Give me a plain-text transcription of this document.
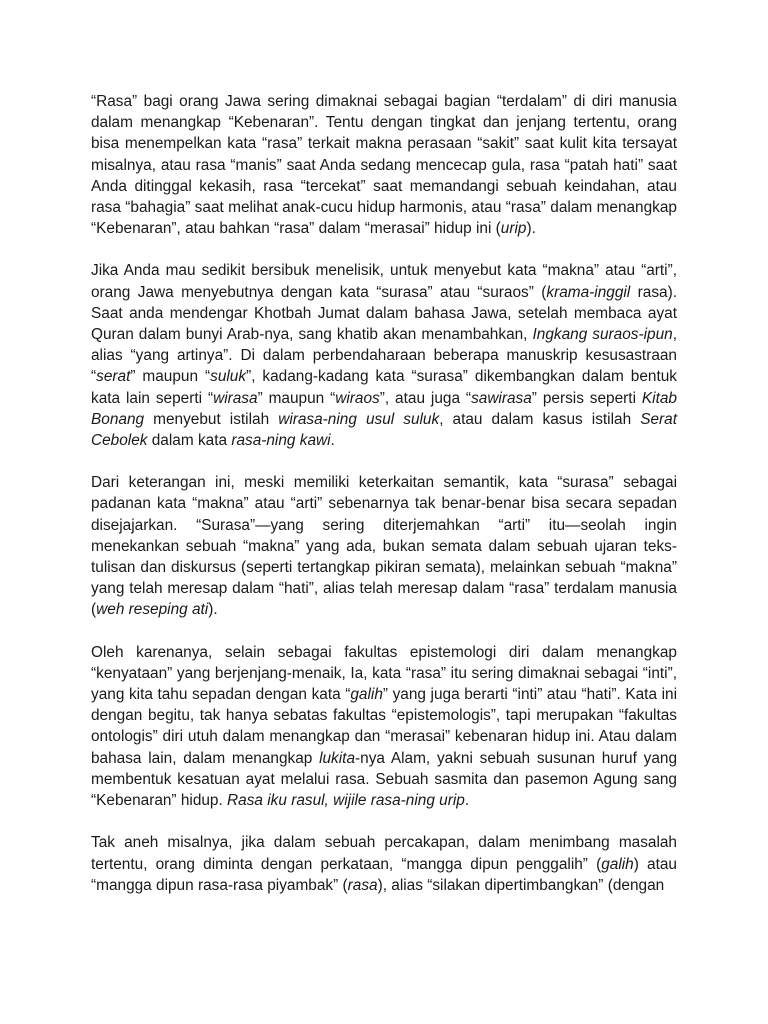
“Rasa” bagi orang Jawa sering dimaknai sebagai bagian “terdalam” di diri manusia dalam menangkap “Kebenaran”. Tentu dengan tingkat dan jenjang tertentu, orang bisa menempelkan kata “rasa” terkait makna perasaan “sakit” saat kulit kita tersayat misalnya, atau rasa “manis” saat Anda sedang mencecap gula, rasa “patah hati” saat Anda ditinggal kekasih, rasa “tercekat” saat memandangi sebuah keindahan, atau rasa “bahagia” saat melihat anak-cucu hidup harmonis, atau “rasa” dalam menangkap “Kebenaran”, atau bahkan “rasa” dalam “merasai” hidup ini (urip).

Jika Anda mau sedikit bersibuk menelisik, untuk menyebut kata “makna” atau “arti”, orang Jawa menyebutnya dengan kata “surasa” atau “suraos” (krama-inggil rasa). Saat anda mendengar Khotbah Jumat dalam bahasa Jawa, setelah membaca ayat Quran dalam bunyi Arab-nya, sang khatib akan menambahkan, Ingkang suraos-ipun, alias “yang artinya”. Di dalam perbendaharaan beberapa manuskrip kesusastraan “serat” maupun “suluk”, kadang-kadang kata “surasa” dikembangkan dalam bentuk kata lain seperti “wirasa” maupun “wiraos”, atau juga “sawirasa” persis seperti Kitab Bonang menyebut istilah wirasa-ning usul suluk, atau dalam kasus istilah Serat Cebolek dalam kata rasa-ning kawi.

Dari keterangan ini, meski memiliki keterkaitan semantik, kata “surasa” sebagai padanan kata “makna” atau “arti” sebenarnya tak benar-benar bisa secara sepadan disejajarkan. “Surasa”—yang sering diterjemahkan “arti” itu—seolah ingin menekankan sebuah “makna” yang ada, bukan semata dalam sebuah ujaran teks-tulisan dan diskursus (seperti tertangkap pikiran semata), melainkan sebuah “makna” yang telah meresap dalam “hati”, alias telah meresap dalam “rasa” terdalam manusia (weh reseping ati).

Oleh karenanya, selain sebagai fakultas epistemologi diri dalam menangkap “kenyataan” yang berjenjang-menaik, Ia, kata “rasa” itu sering dimaknai sebagai “inti”, yang kita tahu sepadan dengan kata “galih” yang juga berarti “inti” atau “hati”. Kata ini dengan begitu, tak hanya sebatas fakultas “epistemologis”, tapi merupakan “fakultas ontologis” diri utuh dalam menangkap dan “merasai” kebenaran hidup ini. Atau dalam bahasa lain, dalam menangkap lukita-nya Alam, yakni sebuah susunan huruf yang membentuk kesatuan ayat melalui rasa. Sebuah sasmita dan pasemon Agung sang “Kebenaran” hidup. Rasa iku rasul, wijile rasa-ning urip.

Tak aneh misalnya, jika dalam sebuah percakapan, dalam menimbang masalah tertentu, orang diminta dengan perkataan, “mangga dipun penggalih” (galih) atau “mangga dipun rasa-rasa piyambak” (rasa), alias “silakan dipertimbangkan” (dengan
